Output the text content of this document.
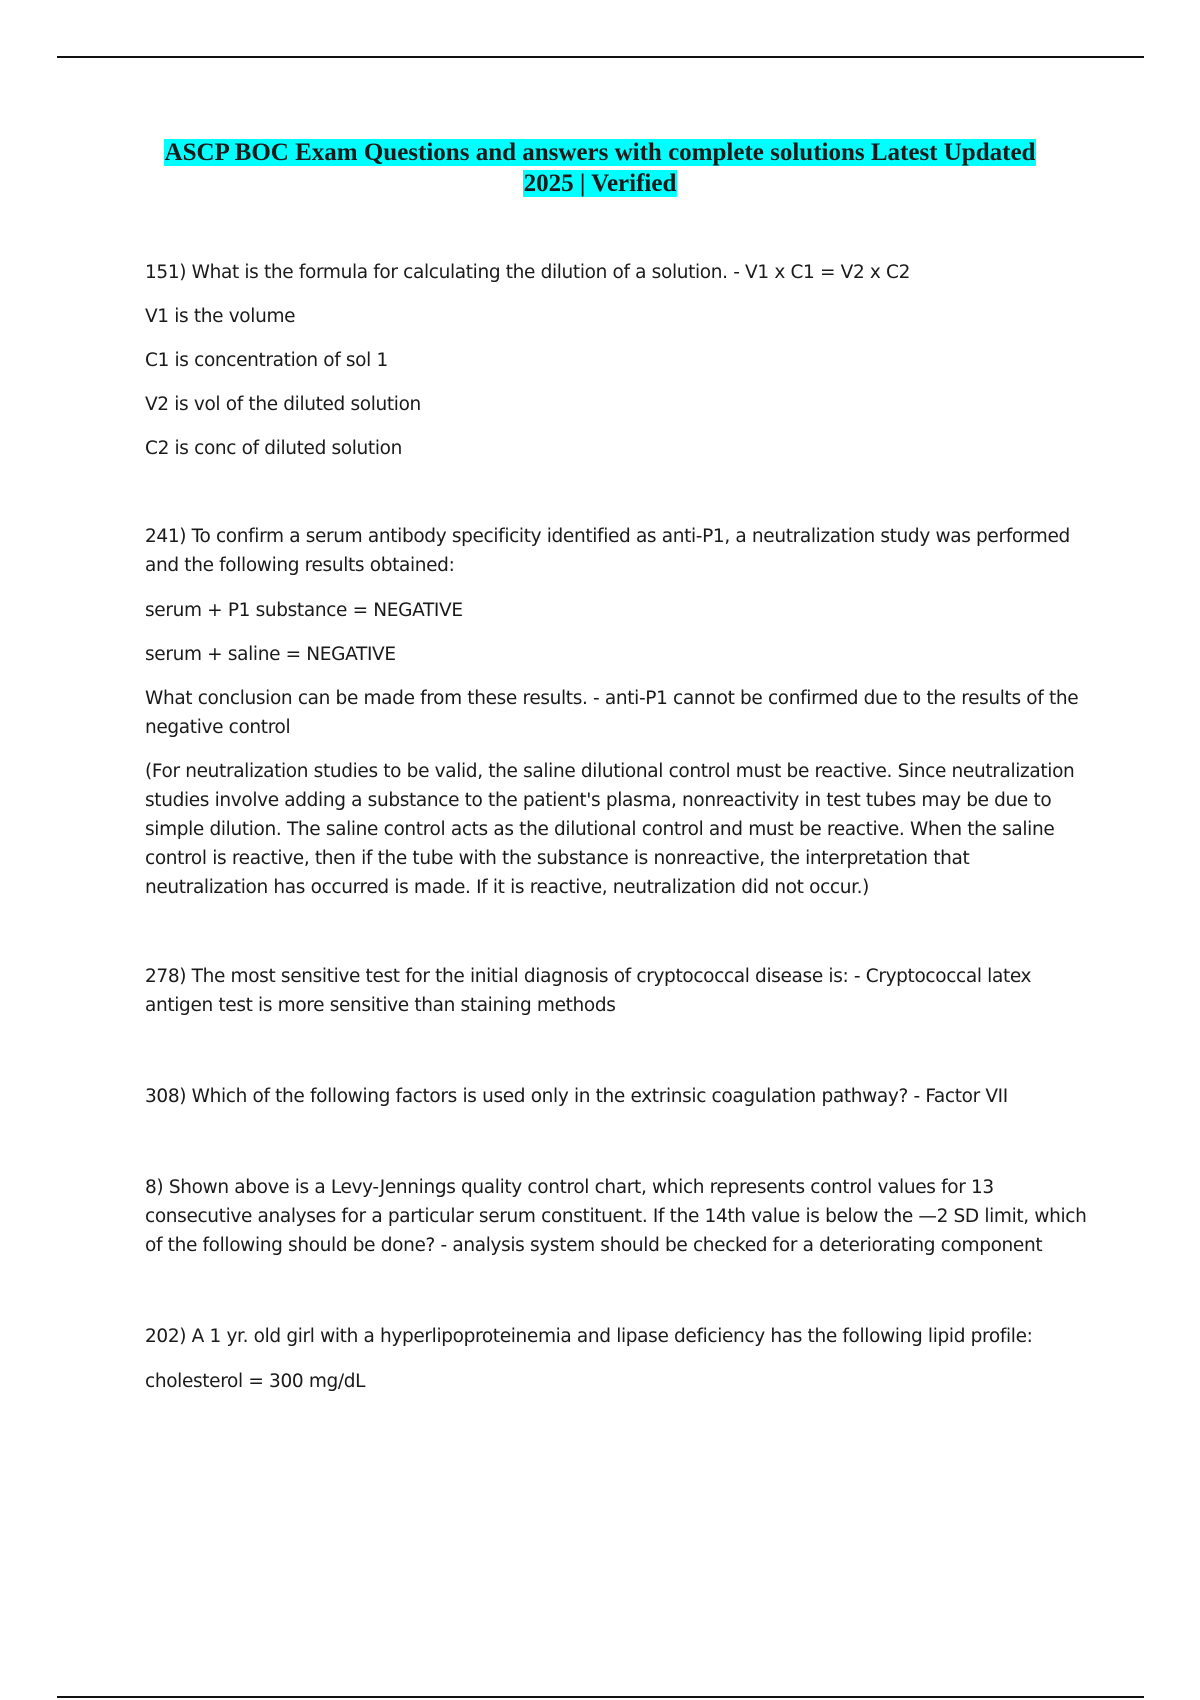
ASCP BOC Exam Questions and answers with complete solutions Latest Updated
2025 | Verified

151) What is the formula for calculating the dilution of a solution. - V1 x C1 = V2 x C2

V1 is the volume

C1 is concentration of sol 1

V2 is vol of the diluted solution

C2 is conc of diluted solution

241) To confirm a serum antibody specificity identified as anti-P1, a neutralization study was performed and the following results obtained:

serum + P1 substance = NEGATIVE

serum + saline = NEGATIVE

What conclusion can be made from these results. - anti-P1 cannot be confirmed due to the results of the negative control

(For neutralization studies to be valid, the saline dilutional control must be reactive. Since neutralization studies involve adding a substance to the patient's plasma, nonreactivity in test tubes may be due to simple dilution. The saline control acts as the dilutional control and must be reactive. When the saline control is reactive, then if the tube with the substance is nonreactive, the interpretation that neutralization has occurred is made. If it is reactive, neutralization did not occur.)

278) The most sensitive test for the initial diagnosis of cryptococcal disease is: - Cryptococcal latex antigen test is more sensitive than staining methods

308) Which of the following factors is used only in the extrinsic coagulation pathway? - Factor VII

8) Shown above is a Levy-Jennings quality control chart, which represents control values for 13 consecutive analyses for a particular serum constituent. If the 14th value is below the —2 SD limit, which of the following should be done? - analysis system should be checked for a deteriorating component

202) A 1 yr. old girl with a hyperlipoproteinemia and lipase deficiency has the following lipid profile:

cholesterol = 300 mg/dL
